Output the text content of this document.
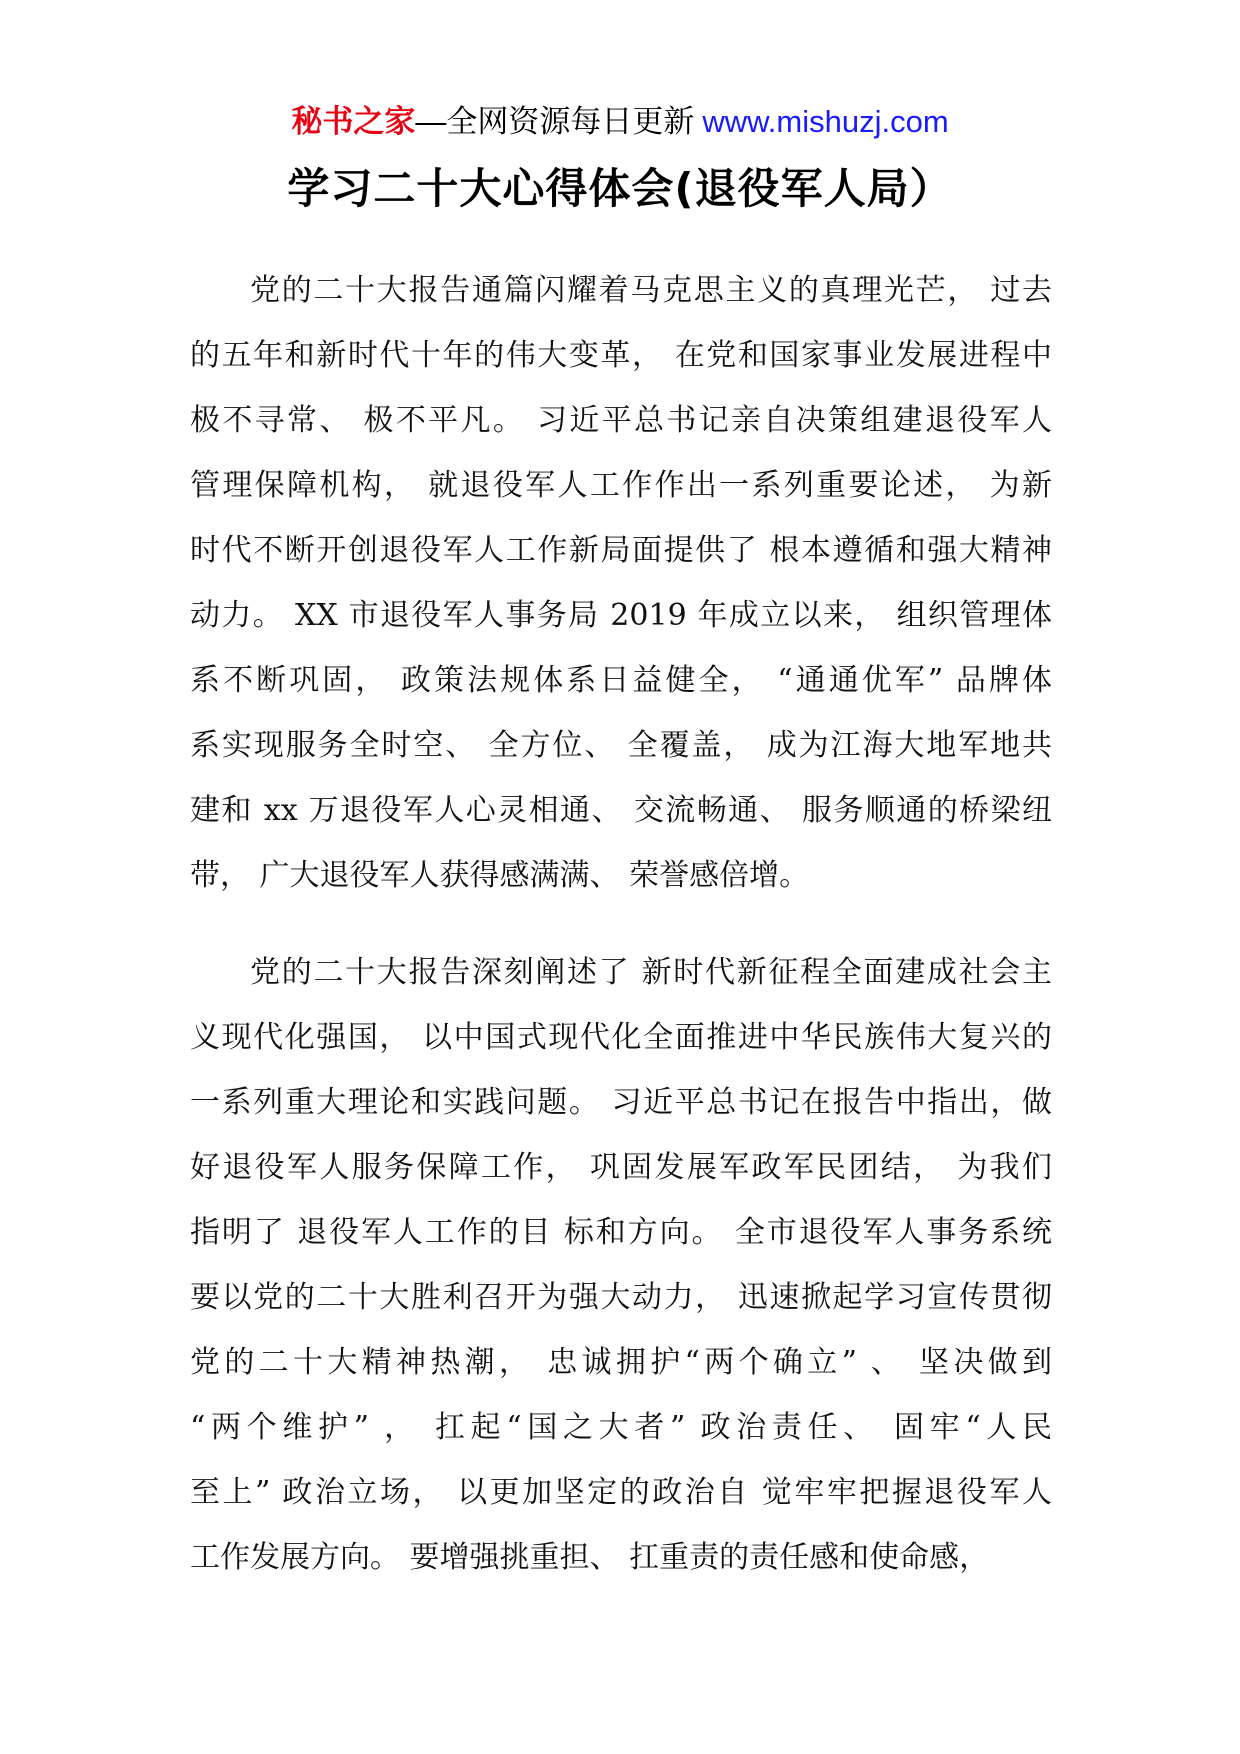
秘书之家—全网资源每日更新 www.mishuzj.com
学习二十大心得体会(退役军人局）
党的二十大报告通篇闪耀着马克思主义的真理光芒， 过去
的五年和新时代十年的伟大变革， 在党和国家事业发展进程中
极不寻常、 极不平凡。 习近平总书记亲自决策组建退役军人
管理保障机构， 就退役军人工作作出一系列重要论述， 为新
时代不断开创退役军人工作新局面提供了 根本遵循和强大精神
动力。 XX 市退役军人事务局 2019 年成立以来， 组织管理体
系不断巩固， 政策法规体系日益健全， “通通优军” 品牌体
系实现服务全时空、 全方位、 全覆盖， 成为江海大地军地共
建和 xx 万退役军人心灵相通、 交流畅通、 服务顺通的桥梁纽
带， 广大退役军人获得感满满、 荣誉感倍增。
党的二十大报告深刻阐述了 新时代新征程全面建成社会主
义现代化强国， 以中国式现代化全面推进中华民族伟大复兴的
一系列重大理论和实践问题。 习近平总书记在报告中指出，做
好退役军人服务保障工作， 巩固发展军政军民团结， 为我们
指明了 退役军人工作的目 标和方向。 全市退役军人事务系统
要以党的二十大胜利召开为强大动力， 迅速掀起学习宣传贯彻
党的二十大精神热潮， 忠诚拥护“两个确立” 、 坚决做到
“两个维护” ， 扛起“国之大者” 政治责任、 固牢“人民
至上” 政治立场， 以更加坚定的政治自 觉牢牢把握退役军人
工作发展方向。 要增强挑重担、 扛重责的责任感和使命感，
